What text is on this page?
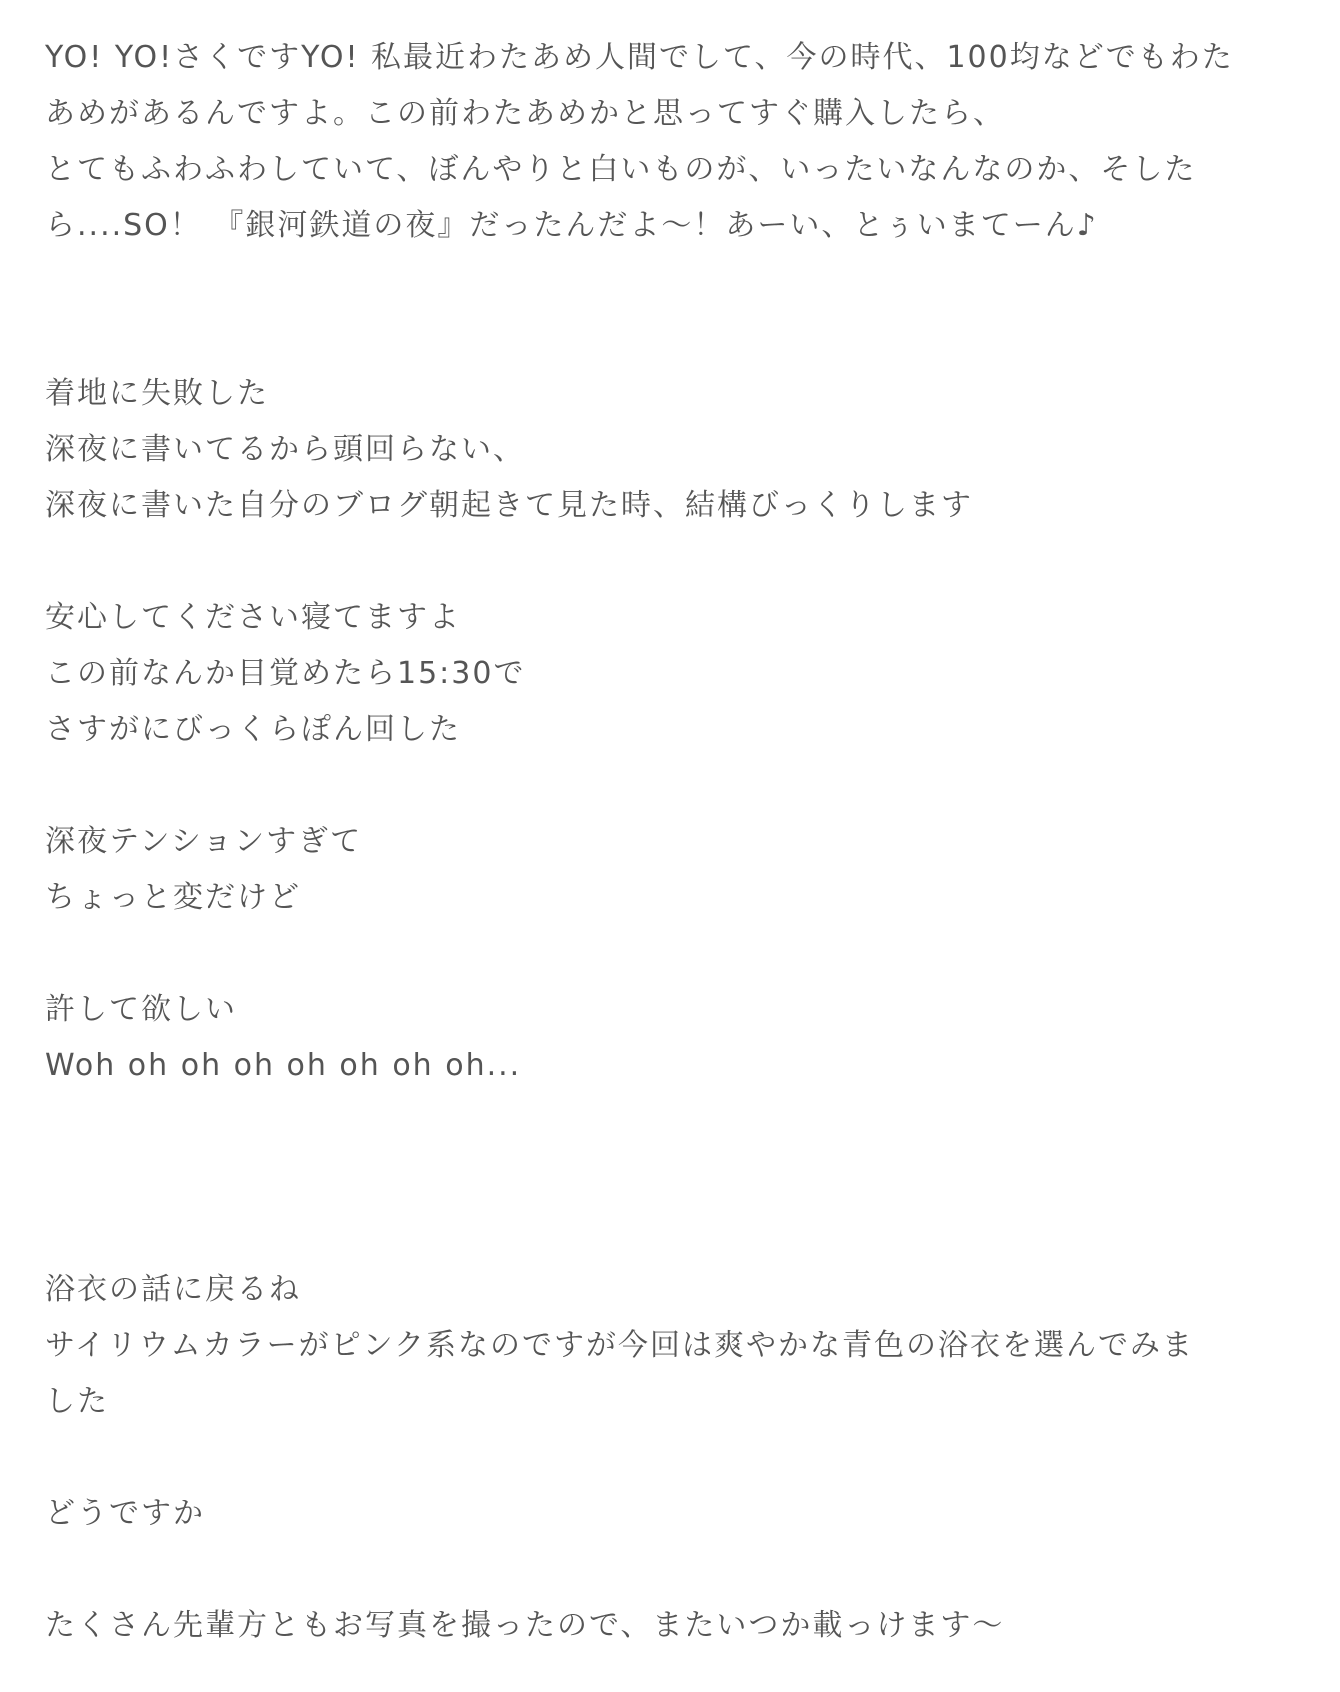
YO! YO!さくですYO! 私最近わたあめ人間でして、今の時代、100均などでもわた
あめがあるんですよ。この前わたあめかと思ってすぐ購入したら、
とてもふわふわしていて、ぼんやりと白いものが、いったいなんなのか、そした
ら....SO！ 『銀河鉄道の夜』だったんだよ〜！あーい、とぅいまてーん♪
着地に失敗した
深夜に書いてるから頭回らない、
深夜に書いた自分のブログ朝起きて見た時、結構びっくりします
安心してください寝てますよ
この前なんか目覚めたら15:30で
さすがにびっくらぽん回した
深夜テンションすぎて
ちょっと変だけど
許して欲しい
Woh oh oh oh oh oh oh oh...
浴衣の話に戻るね
サイリウムカラーがピンク系なのですが今回は爽やかな青色の浴衣を選んでみま
した
どうですか
たくさん先輩方ともお写真を撮ったので、またいつか載っけます〜
